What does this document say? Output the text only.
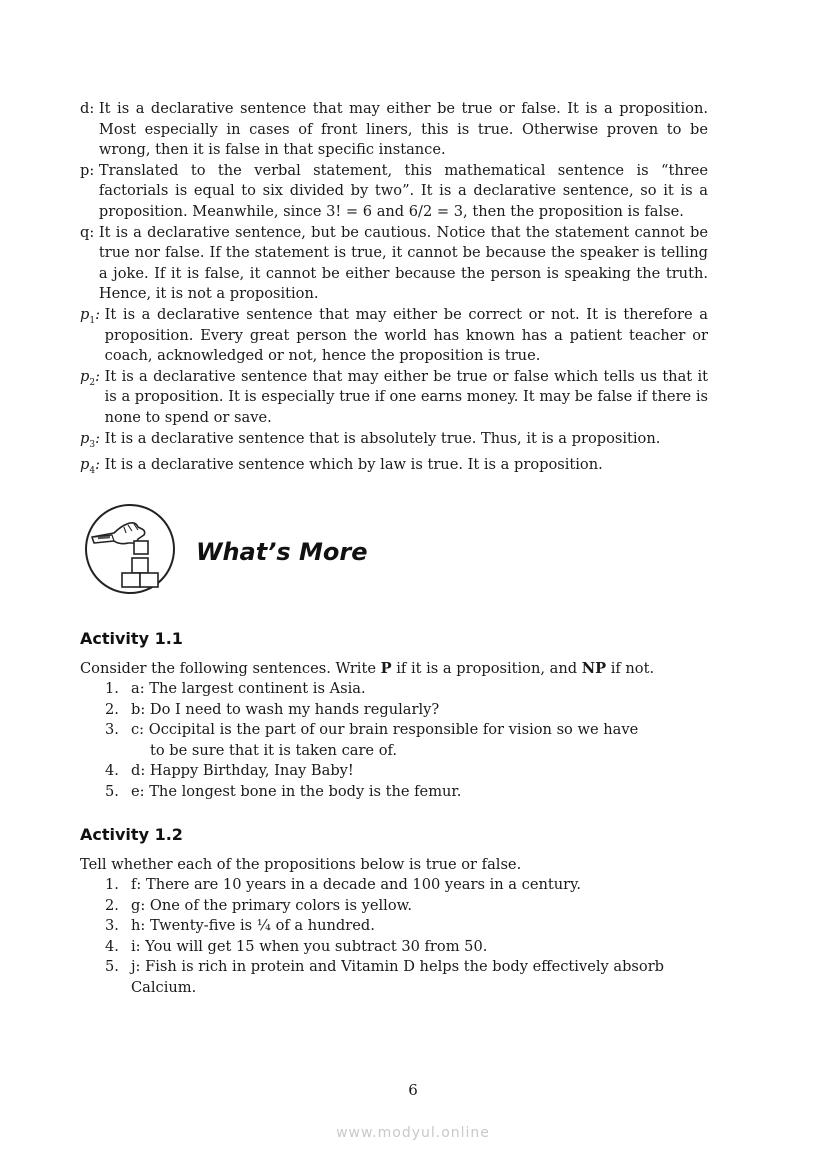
d: It is a declarative sentence that may either be true or false. It is a proposition. Most especially in cases of front liners, this is true. Otherwise proven to be wrong, then it is false in that specific instance.
p: Translated to the verbal statement, this mathematical sentence is “three factorials is equal to six divided by two”. It is a declarative sentence, so it is a proposition. Meanwhile, since 3! = 6 and 6/2 = 3, then the proposition is false.
q: It is a declarative sentence, but be cautious. Notice that the statement cannot be true nor false. If the statement is true, it cannot be because the speaker is telling a joke. If it is false, it cannot be either because the person is speaking the truth. Hence, it is not a proposition.
$p_1$: It is a declarative sentence that may either be correct or not. It is therefore a proposition. Every great person the world has known has a patient teacher or coach, acknowledged or not, hence the proposition is true.
$p_2$: It is a declarative sentence that may either be true or false which tells us that it is a proposition. It is especially true if one earns money. It may be false if there is none to spend or save.
$p_3$: It is a declarative sentence that is absolutely true. Thus, it is a proposition.
$p_4$: It is a declarative sentence which by law is true. It is a proposition.
What’s More
Activity 1.1
Consider the following sentences. Write P if it is a proposition, and NP if not.
1. a: The largest continent is Asia.
2. b: Do I need to wash my hands regularly?
3. c: Occipital is the part of our brain responsible for vision so we have
to be sure that it is taken care of.
4. d: Happy Birthday, Inay Baby!
5. e: The longest bone in the body is the femur.
Activity 1.2
Tell whether each of the propositions below is true or false.
1. f: There are 10 years in a decade and 100 years in a century.
2. g: One of the primary colors is yellow.
3. h: Twenty-five is ¼ of a hundred.
4. i: You will get 15 when you subtract 30 from 50.
5. j: Fish is rich in protein and Vitamin D helps the body effectively absorb
Calcium.
6
www.modyul.online
